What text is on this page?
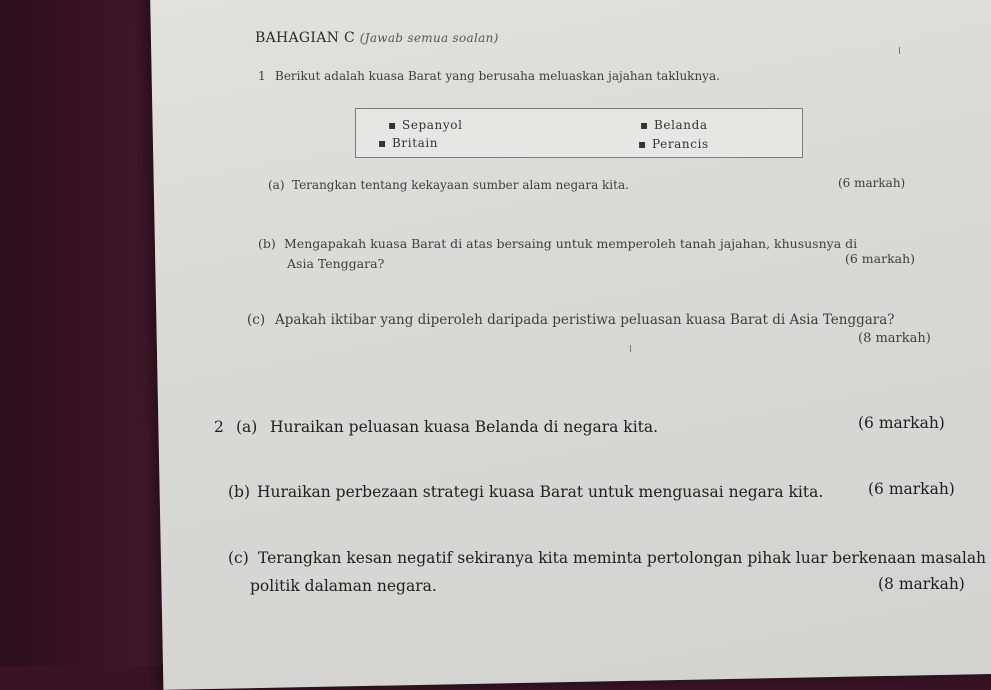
BAHAGIAN C (Jawab semua soalan)
1 Berikut adalah kuasa Barat yang berusaha meluaskan jajahan takluknya.
▪ Sepanyol	▪ Belanda
▪ Britain	▪ Perancis
(a) Terangkan tentang kekayaan sumber alam negara kita.	(6 markah)
(b) Mengapakah kuasa Barat di atas bersaing untuk memperoleh tanah jajahan, khususnya di
Asia Tenggara?	(6 markah)
(c) Apakah iktibar yang diperoleh daripada peristiwa peluasan kuasa Barat di Asia Tenggara?
(8 markah)
2 (a) Huraikan peluasan kuasa Belanda di negara kita.	(6 markah)
(b) Huraikan perbezaan strategi kuasa Barat untuk menguasai negara kita.	(6 markah)
(c) Terangkan kesan negatif sekiranya kita meminta pertolongan pihak luar berkenaan masalah
politik dalaman negara.	(8 markah)
